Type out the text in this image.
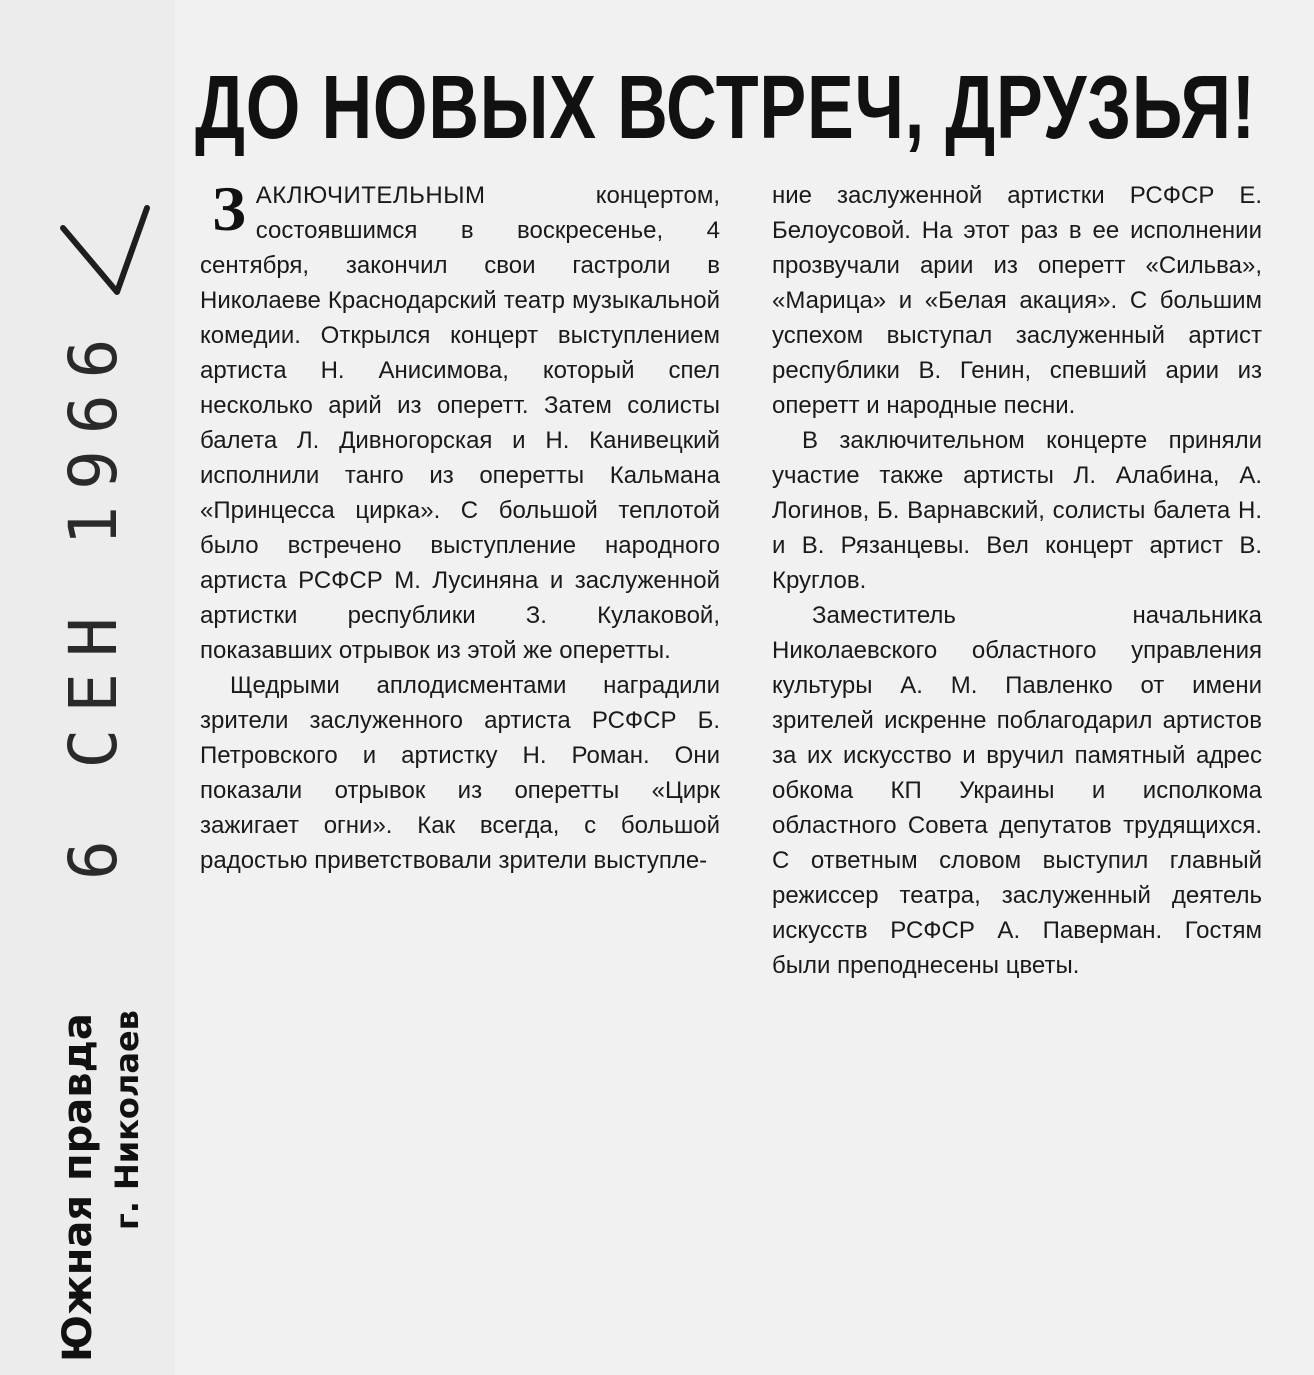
6 СЕН 1966
Южная правда г. Николаев
ДО НОВЫХ ВСТРЕЧ, ДРУЗЬЯ!

ЗАКЛЮЧИТЕЛЬНЫМ концертом, состоявшимся в воскресенье, 4 сентября, закончил свои гастроли в Николаеве Краснодарский театр музыкальной комедии. Открылся концерт выступлением артиста Н. Анисимова, который спел несколько арий из оперетт. Затем солисты балета Л. Дивногорская и Н. Канивецкий исполнили танго из оперетты Кальмана «Принцесса цирка». С большой теплотой было встречено выступление народного артиста РСФСР М. Лусиняна и заслуженной артистки республики З. Кулаковой, показавших отрывок из этой же оперетты.

Щедрыми аплодисментами наградили зрители заслуженного артиста РСФСР Б. Петровского и артистку Н. Роман. Они показали отрывок из оперетты «Цирк зажигает огни». Как всегда, с большой радостью приветствовали зрители выступле-

ние заслуженной артистки РСФСР Е. Белоусовой. На этот раз в ее исполнении прозвучали арии из оперетт «Сильва», «Марица» и «Белая акация». С большим успехом выступал заслуженный артист республики В. Генин, спевший арии из оперетт и народные песни.

В заключительном концерте приняли участие также артисты Л. Алабина, А. Логинов, Б. Варнавский, солисты балета Н. и В. Рязанцевы. Вел концерт артист В. Круглов.

Заместитель начальника Николаевского областного управления культуры А. М. Павленко от имени зрителей искренне поблагодарил артистов за их искусство и вручил памятный адрес обкома КП Украины и исполкома областного Совета депутатов трудящихся. С ответным словом выступил главный режиссер театра, заслуженный деятель искусств РСФСР А. Паверман. Гостям были преподнесены цветы.
